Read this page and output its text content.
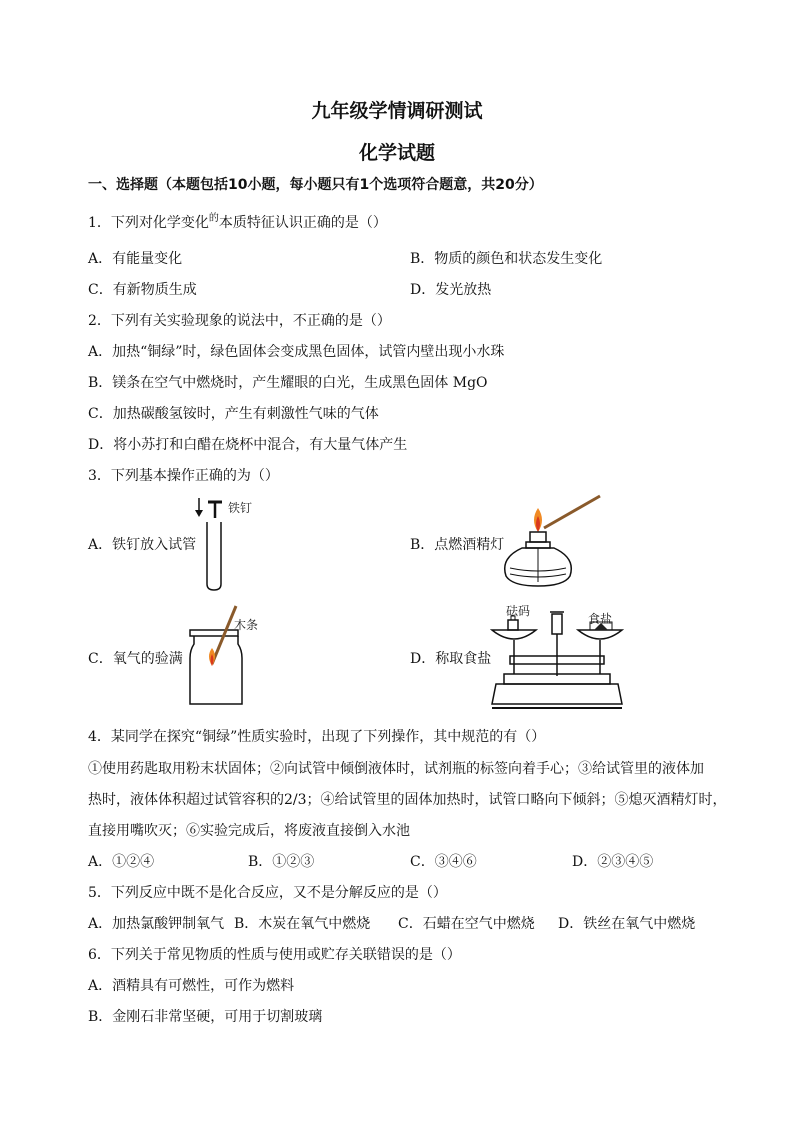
九年级学情调研测试
化学试题
一、选择题（本题包括10小题，每小题只有1个选项符合题意，共20分）
1．下列对化学变化$^的$本质特征认识正确的是（）
A．有能量变化	B．物质的颜色和状态发生变化
C．有新物质生成	D．发光放热
2．下列有关实验现象的说法中，不正确的是（）
A．加热“铜绿”时，绿色固体会变成黑色固体，试管内壁出现小水珠
B．镁条在空气中燃烧时，产生耀眼的白光，生成黑色固体 MgO
C．加热碳酸氢铵时，产生有刺激性气味的气体
D．将小苏打和白醋在烧杯中混合，有大量气体产生
3．下列基本操作正确的为（）
A．铁钉放入试管	B．点燃酒精灯
C．氧气的验满	D．称取食盐
铁钉
木条
砝码
食盐
4．某同学在探究“铜绿”性质实验时，出现了下列操作，其中规范的有（）
①使用药匙取用粉末状固体；②向试管中倾倒液体时，试剂瓶的标签向着手心；③给试管里的液体加
热时，液体体积超过试管容积的2/3；④给试管里的固体加热时，试管口略向下倾斜；⑤熄灭酒精灯时，
直接用嘴吹灭；⑥实验完成后，将废液直接倒入水池
A．①②④	B．①②③	C．③④⑥	D．②③④⑤
5．下列反应中既不是化合反应，又不是分解反应的是（）
A．加热氯酸钾制氧气 B．木炭在氧气中燃烧 C．石蜡在空气中燃烧 D．铁丝在氧气中燃烧
6．下列关于常见物质的性质与使用或贮存关联错误的是（）
A．酒精具有可燃性，可作为燃料
B．金刚石非常坚硬，可用于切割玻璃
